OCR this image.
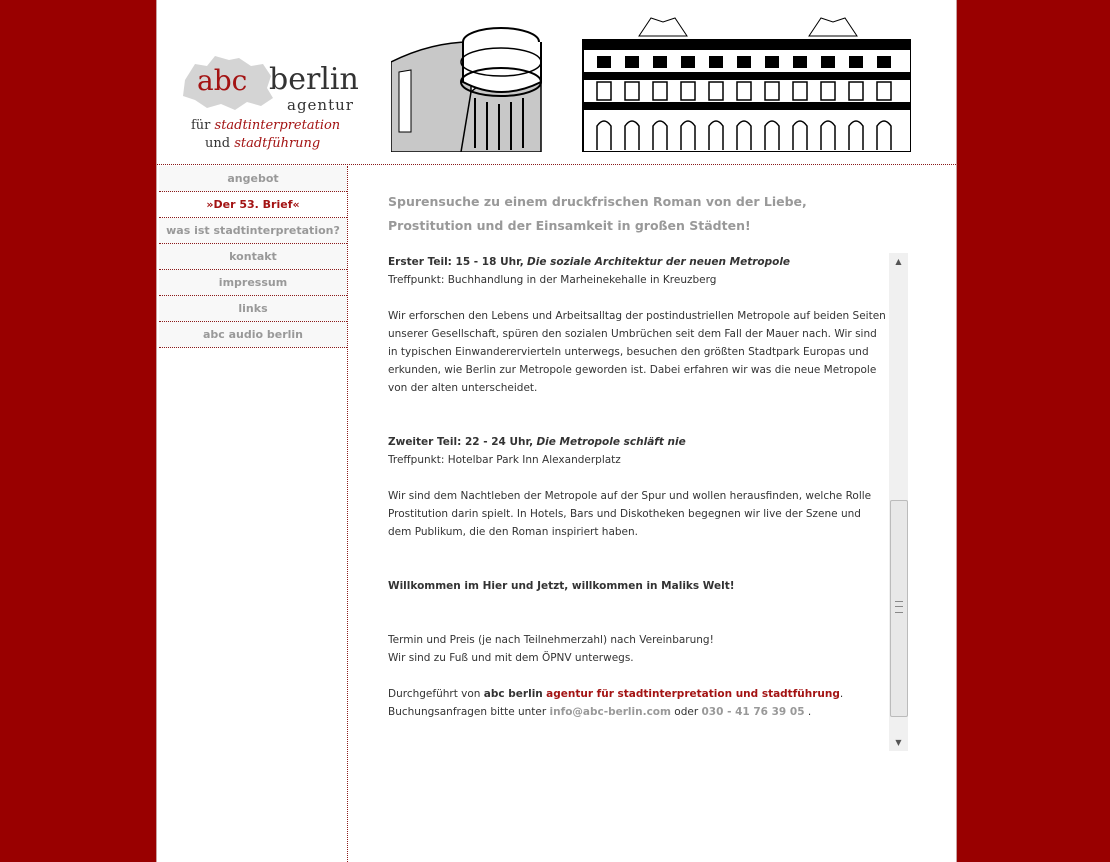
abc berlin
agentur
für stadtinterpretation
und stadtführung
angebot
»Der 53. Brief«
was ist stadtinterpretation?
kontakt
impressum
links
abc audio berlin

Spurensuche zu einem druckfrischen Roman von der Liebe,

Prostitution und der Einsamkeit in großen Städten!

Erster Teil: 15 - 18 Uhr, Die soziale Architektur der neuen Metropole

Treffpunkt: Buchhandlung in der Marheinekehalle in Kreuzberg

Wir erforschen den Lebens und Arbeitsalltag der postindustriellen Metropole auf beiden Seiten unserer Gesellschaft, spüren den sozialen Umbrüchen seit dem Fall der Mauer nach. Wir sind in typischen Einwandererviertel​n unterwegs, besuchen den größten Stadtpark Europas und erkunden, wie Berlin zur Metropole geworden ist. Dabei erfahren wir was die neue Metropole von der alten unterscheidet.

Zweiter Teil: 22 - 24 Uhr, Die Metropole schläft nie

Treffpunkt: Hotelbar Park Inn Alexanderplatz

Wir sind dem Nachtleben der Metropole auf der Spur und wollen herausfinden, welche Rolle Prostitution darin spielt. In Hotels, Bars und Diskotheken begegnen wir live der Szene und dem Publikum, die den Roman inspiriert haben.

Willkommen im Hier und Jetzt, willkommen in Maliks Welt!

Termin und Preis (je nach Teilnehmerzahl) nach Vereinbarung!

Wir sind zu Fuß und mit dem ÖPNV unterwegs.

Durchgeführt von abc berlin agentur für stadtinterpretation und stadtführung.

Buchungsanfragen bitte unter info@abc-berlin.com oder 030 - 41 76 39 05 .

▲
▼
